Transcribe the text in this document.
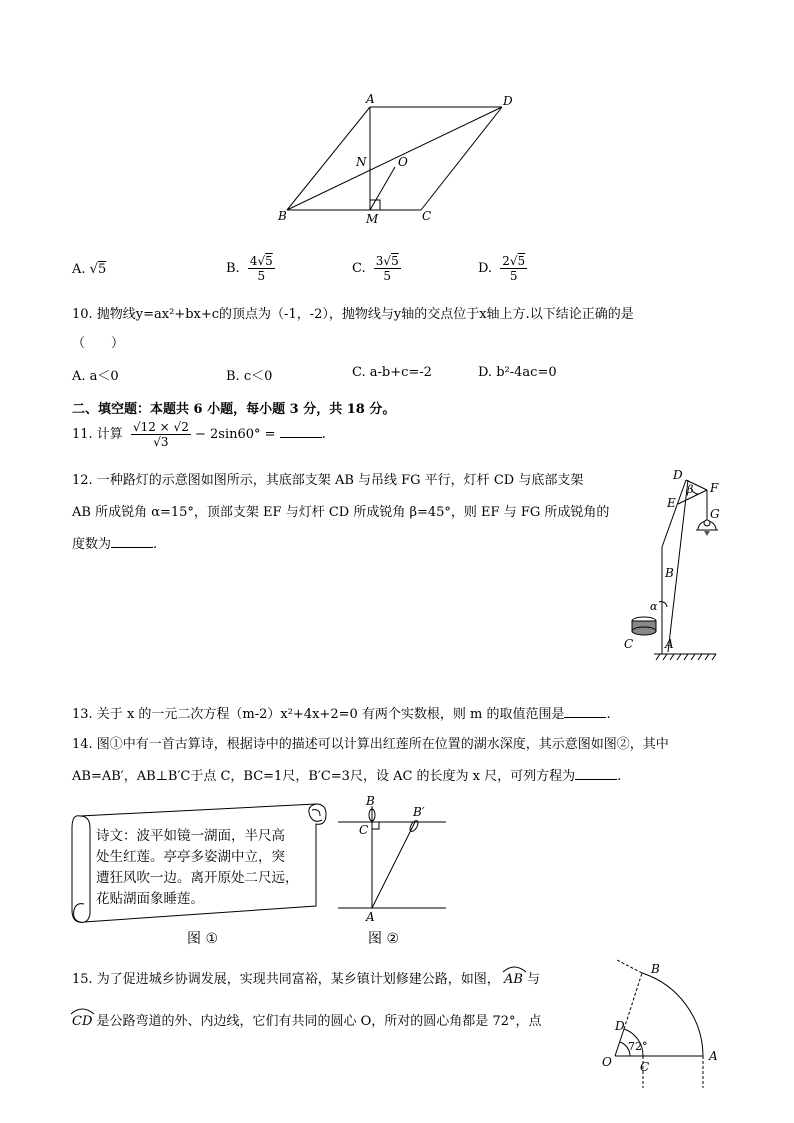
A	D
N	O
B	M	C
A. √5	B. $\frac{4√5}{5}$	C. $\frac{3√5}{5}$	D. $\frac{2√5}{5}$
10. 抛物线y=ax²+bx+c的顶点为（-1，-2），抛物线与y轴的交点位于x轴上方.以下结论正确的是
（　　）
A. a＜0	B. c＜0	C. a-b+c=-2	D. b²-4ac=0
二、填空题：本题共 6 小题，每小题 3 分，共 18 分。
11. 计算 $\frac{√12 \times √2}{√3} - 2\sin 60^\circ$ =	.
12. 一种路灯的示意图如图所示，其底部支架 AB 与吊线 FG 平行，灯杆 CD 与底部支架
AB 所成锐角 α=15°，顶部支架 EF 与灯杆 CD 所成锐角 β=45°，则 EF 与 FG 所成锐角的
度数为	.
D
E
F
G
β
B
α
C	A
13. 关于 x 的一元二次方程（m-2）x²+4x+2=0 有两个实数根，则 m 的取值范围是	.
14. 图①中有一首古算诗，根据诗中的描述可以计算出红莲所在位置的湖水深度，其示意图如图②，其中
AB=AB′，AB⊥B′C于点 C，BC=1尺，B′C=3尺，设 AC 的长度为 x 尺，可列方程为	.
诗文：波平如镜一湖面，半尺高
处生红莲。亭亭多姿湖中立，突
遭狂风吹一边。离开原处二尺远，
花贴湖面象睡莲。
图 ①
B
C
B′
A
图 ②
15. 为了促进城乡协调发展，实现共同富裕，某乡镇计划修建公路，如图， AB 与
CD 是公路弯道的外、内边线，它们有共同的圆心 O，所对的圆心角都是 72°，点
B
D
72°
O C
A
